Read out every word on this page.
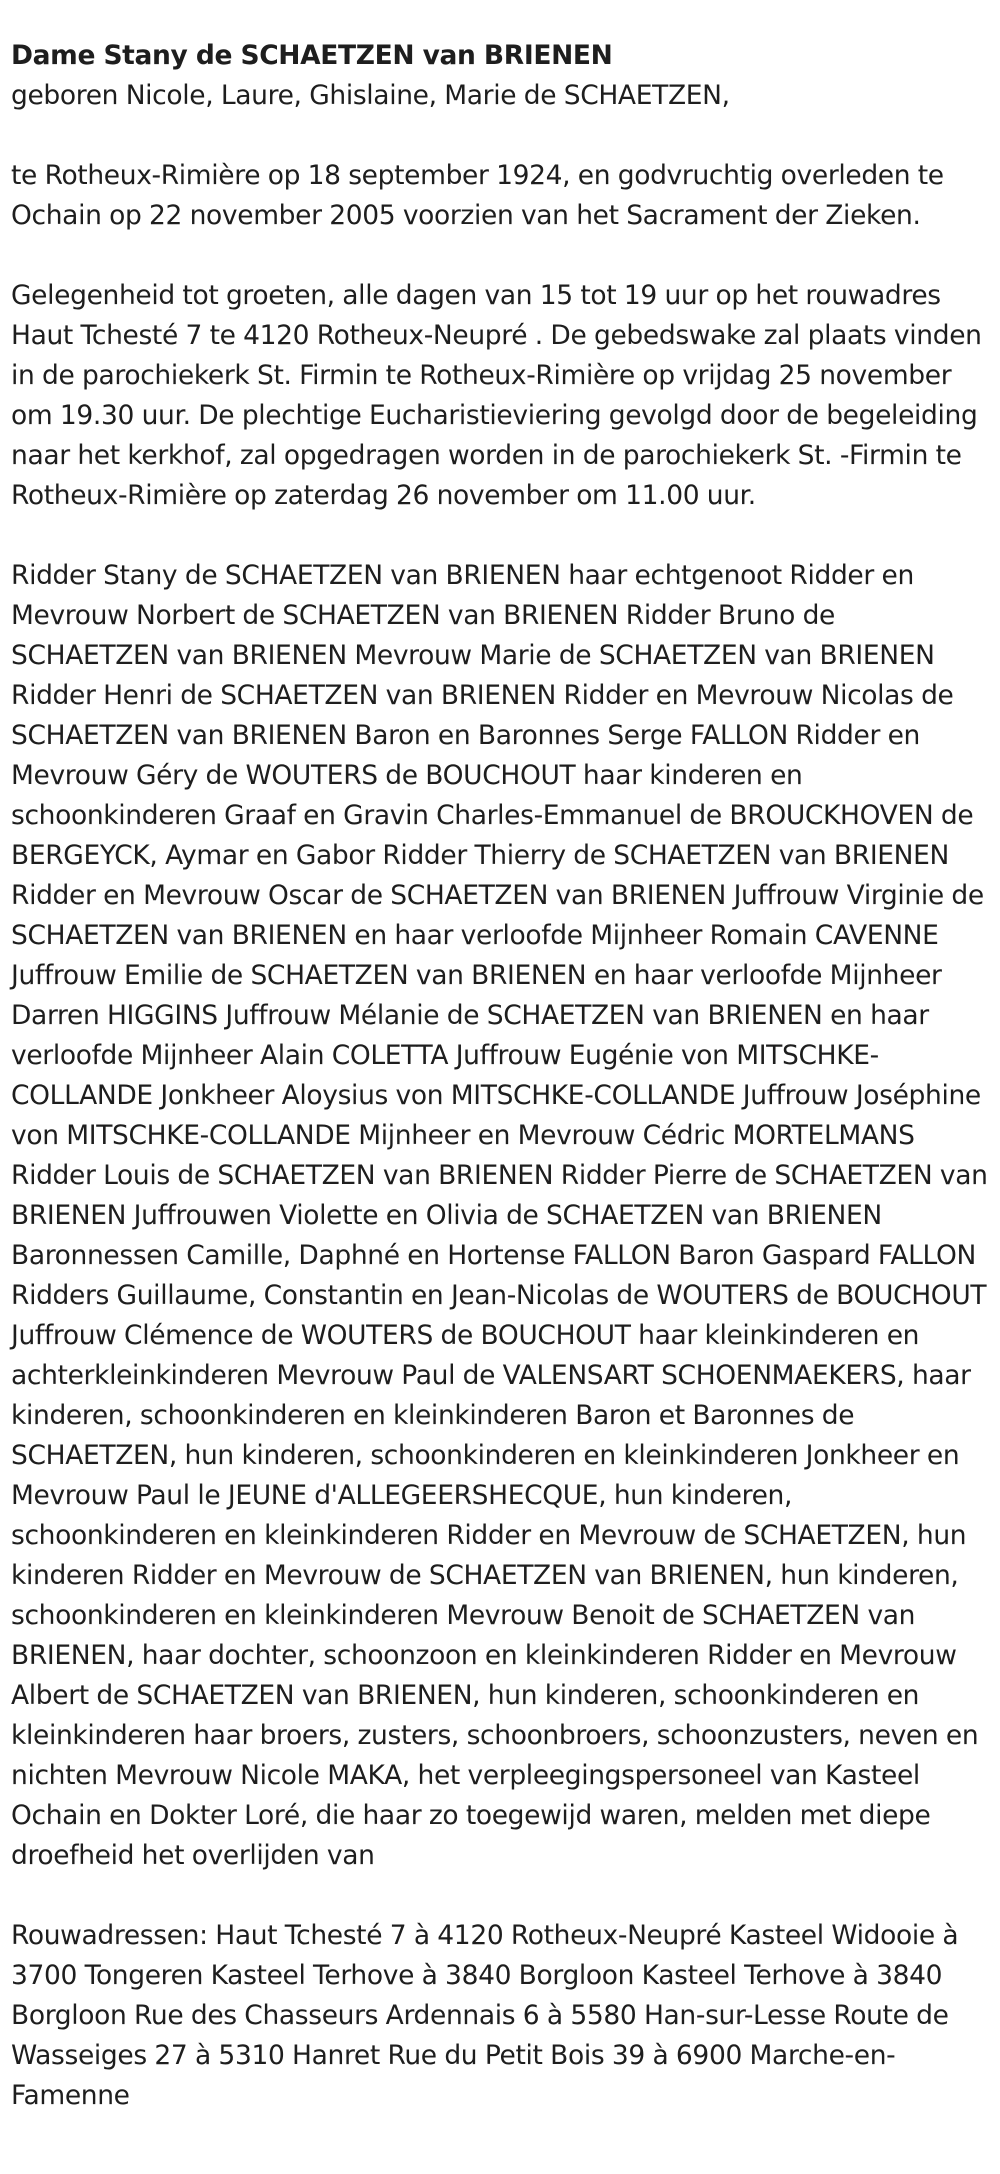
Dame Stany de SCHAETZEN van BRIENEN

geboren Nicole, Laure, Ghislaine, Marie de SCHAETZEN,

te Rotheux-Rimière op 18 september 1924, en godvruchtig overleden te Ochain op 22 november 2005 voorzien van het Sacrament der Zieken.

Gelegenheid tot groeten, alle dagen van 15 tot 19 uur op het rouwadres Haut Tchesté 7 te 4120 Rotheux-Neupré . De gebedswake zal plaats vinden in de parochiekerk St. Firmin te Rotheux-Rimière op vrijdag 25 november om 19.30 uur. De plechtige Eucharistieviering gevolgd door de begeleiding naar het kerkhof, zal opgedragen worden in de parochiekerk St. -Firmin te Rotheux-Rimière op zaterdag 26 november om 11.00 uur.

Ridder Stany de SCHAETZEN van BRIENEN haar echtgenoot Ridder en Mevrouw Norbert de SCHAETZEN van BRIENEN Ridder Bruno de SCHAETZEN van BRIENEN Mevrouw Marie de SCHAETZEN van BRIENEN Ridder Henri de SCHAETZEN van BRIENEN Ridder en Mevrouw Nicolas de SCHAETZEN van BRIENEN Baron en Baronnes Serge FALLON Ridder en Mevrouw Géry de WOUTERS de BOUCHOUT haar kinderen en schoonkinderen Graaf en Gravin Charles-Emmanuel de BROUCKHOVEN de BERGEYCK, Aymar en Gabor Ridder Thierry de SCHAETZEN van BRIENEN Ridder en Mevrouw Oscar de SCHAETZEN van BRIENEN Juffrouw Virginie de SCHAETZEN van BRIENEN en haar verloofde Mijnheer Romain CAVENNE Juffrouw Emilie de SCHAETZEN van BRIENEN en haar verloofde Mijnheer Darren HIGGINS Juffrouw Mélanie de SCHAETZEN van BRIENEN en haar verloofde Mijnheer Alain COLETTA Juffrouw Eugénie von MITSCHKE-COLLANDE Jonkheer Aloysius von MITSCHKE-COLLANDE Juffrouw Joséphine von MITSCHKE-COLLANDE Mijnheer en Mevrouw Cédric MORTELMANS Ridder Louis de SCHAETZEN van BRIENEN Ridder Pierre de SCHAETZEN van BRIENEN Juffrouwen Violette en Olivia de SCHAETZEN van BRIENEN Baronnessen Camille, Daphné en Hortense FALLON Baron Gaspard FALLON Ridders Guillaume, Constantin en Jean-Nicolas de WOUTERS de BOUCHOUT Juffrouw Clémence de WOUTERS de BOUCHOUT haar kleinkinderen en achterkleinkinderen Mevrouw Paul de VALENSART SCHOENMAEKERS, haar kinderen, schoonkinderen en kleinkinderen Baron et Baronnes de SCHAETZEN, hun kinderen, schoonkinderen en kleinkinderen Jonkheer en Mevrouw Paul le JEUNE d'ALLEGEERSHECQUE, hun kinderen, schoonkinderen en kleinkinderen Ridder en Mevrouw de SCHAETZEN, hun kinderen Ridder en Mevrouw de SCHAETZEN van BRIENEN, hun kinderen, schoonkinderen en kleinkinderen Mevrouw Benoit de SCHAETZEN van BRIENEN, haar dochter, schoonzoon en kleinkinderen Ridder en Mevrouw Albert de SCHAETZEN van BRIENEN, hun kinderen, schoonkinderen en kleinkinderen haar broers, zusters, schoonbroers, schoonzusters, neven en nichten Mevrouw Nicole MAKA, het verpleegingspersoneel van Kasteel Ochain en Dokter Loré, die haar zo toegewijd waren, melden met diepe droefheid het overlijden van

Rouwadressen: Haut Tchesté 7 à 4120 Rotheux-Neupré Kasteel Widooie à 3700 Tongeren Kasteel Terhove à 3840 Borgloon Kasteel Terhove à 3840 Borgloon Rue des Chasseurs Ardennais 6 à 5580 Han-sur-Lesse Route de Wasseiges 27 à 5310 Hanret Rue du Petit Bois 39 à 6900 Marche-en-Famenne
